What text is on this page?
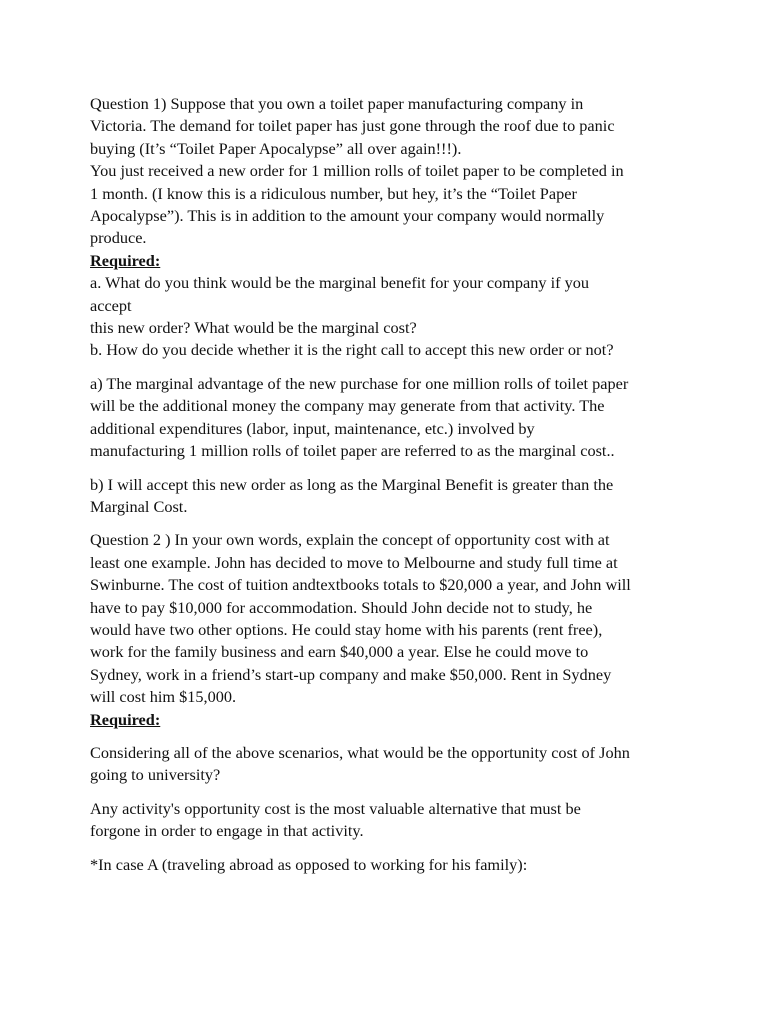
Question 1) Suppose that you own a toilet paper manufacturing company in

Victoria. The demand for toilet paper has just gone through the roof due to panic

buying (It’s “Toilet Paper Apocalypse” all over again!!!).

You just received a new order for 1 million rolls of toilet paper to be completed in

1 month. (I know this is a ridiculous number, but hey, it’s the “Toilet Paper

Apocalypse”). This is in addition to the amount your company would normally

produce.

Required:

a. What do you think would be the marginal benefit for your company if you

accept

this new order? What would be the marginal cost?

b. How do you decide whether it is the right call to accept this new order or not?

a) The marginal advantage of the new purchase for one million rolls of toilet paper

will be the additional money the company may generate from that activity. The

additional expenditures (labor, input, maintenance, etc.) involved by

manufacturing 1 million rolls of toilet paper are referred to as the marginal cost..

b) I will accept this new order as long as the Marginal Benefit is greater than the

Marginal Cost.

Question 2 ) In your own words, explain the concept of opportunity cost with at

least one example. John has decided to move to Melbourne and study full time at

Swinburne. The cost of tuition andtextbooks totals to $20,000 a year, and John will

have to pay $10,000 for accommodation. Should John decide not to study, he

would have two other options. He could stay home with his parents (rent free),

work for the family business and earn $40,000 a year. Else he could move to

Sydney, work in a friend’s start-up company and make $50,000. Rent in Sydney

will cost him $15,000.

Required:

Considering all of the above scenarios, what would be the opportunity cost of John

going to university?

Any activity's opportunity cost is the most valuable alternative that must be

forgone in order to engage in that activity.

*In case A (traveling abroad as opposed to working for his family):
